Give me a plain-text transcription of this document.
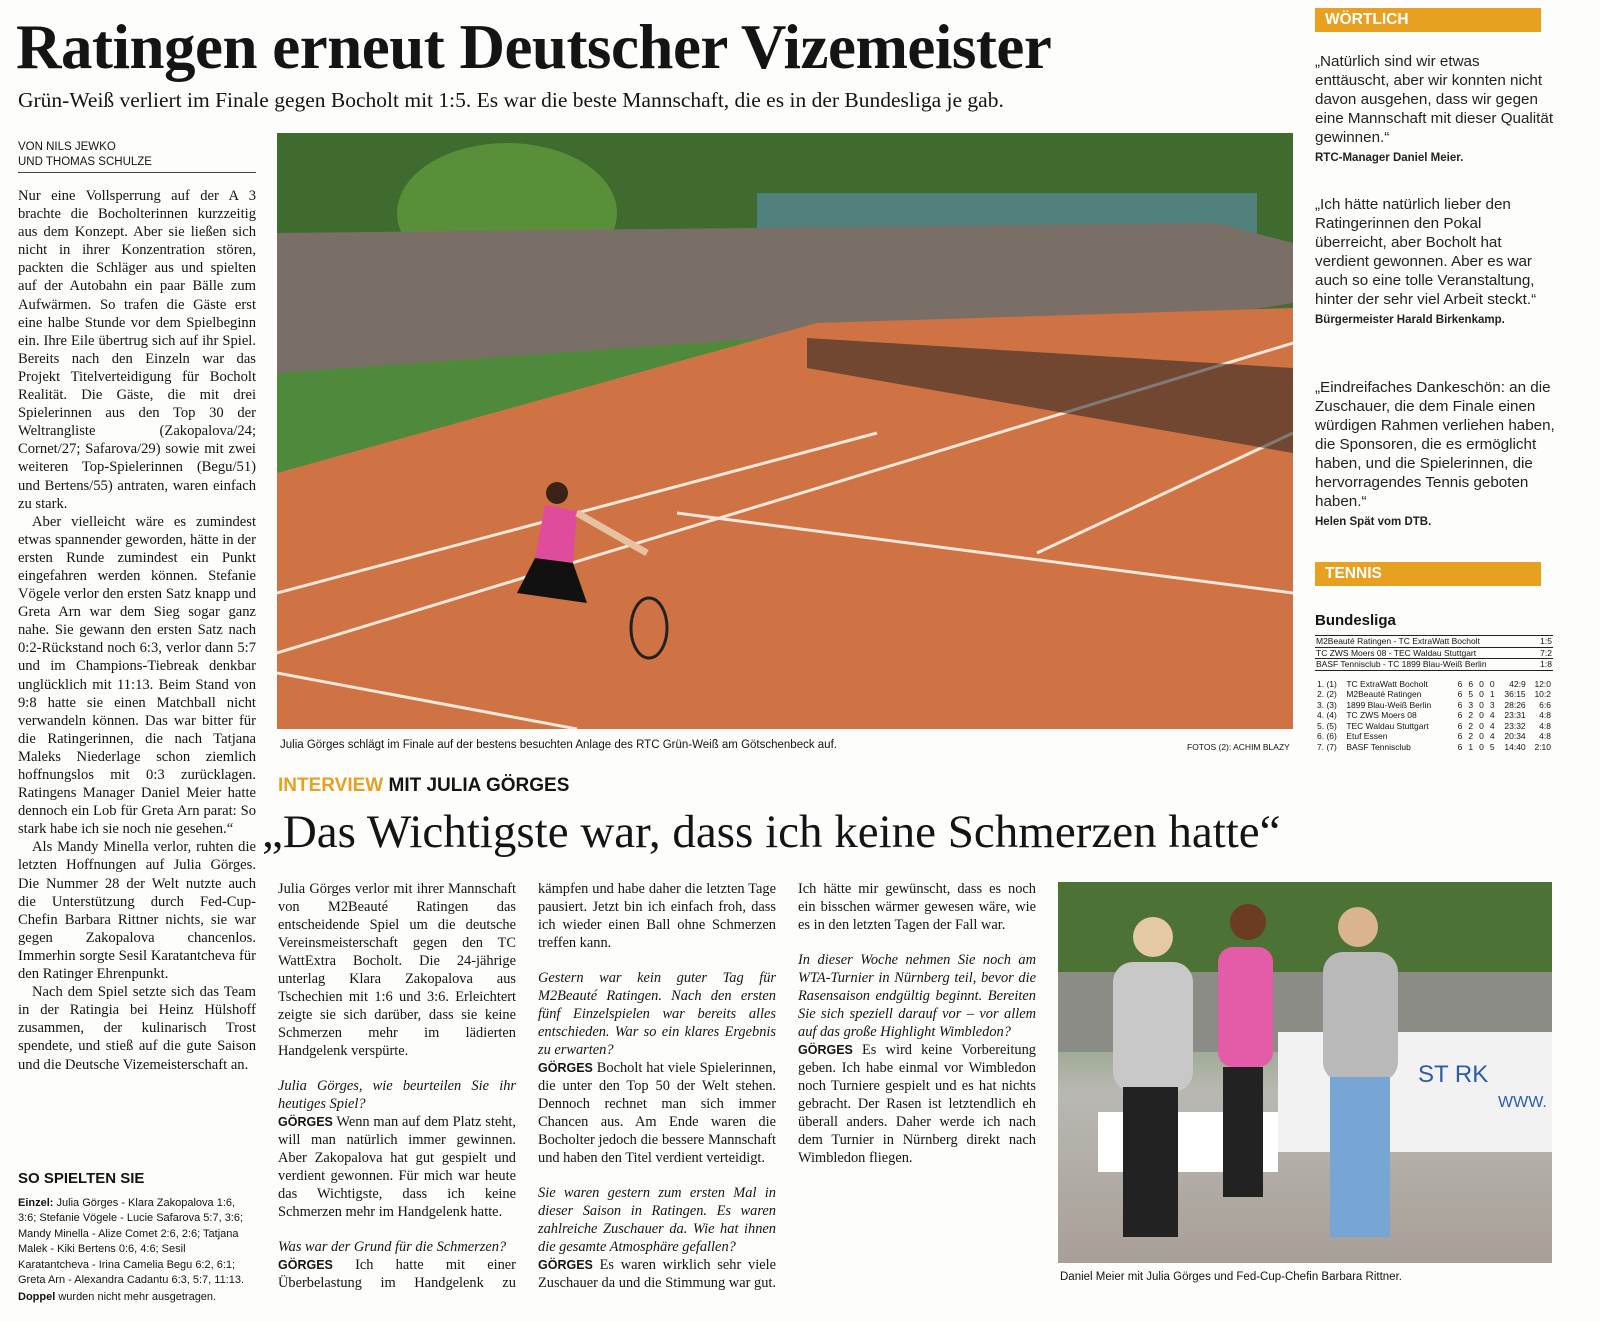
Ratingen erneut Deutscher Vizemeister
Grün-Weiß verliert im Finale gegen Bocholt mit 1:5. Es war die beste Mannschaft, die es in der Bundesliga je gab.
VON NILS JEWKO
UND THOMAS SCHULZE

Nur eine Vollsperrung auf der A 3 brachte die Bocholterinnen kurzzeitig aus dem Konzept. Aber sie ließen sich nicht in ihrer Konzentration stören, packten die Schläger aus und spielten auf der Autobahn ein paar Bälle zum Aufwärmen. So trafen die Gäste erst eine halbe Stunde vor dem Spielbeginn ein. Ihre Eile übertrug sich auf ihr Spiel. Bereits nach den Einzeln war das Projekt Titelverteidigung für Bocholt Realität. Die Gäste, die mit drei Spielerinnen aus den Top 30 der Weltrangliste (Zakopalova/24; Cornet/27; Safarova/29) sowie mit zwei weiteren Top-Spielerinnen (Begu/51) und Bertens/55) antraten, waren einfach zu stark.

Aber vielleicht wäre es zumindest etwas spannender geworden, hätte in der ersten Runde zumindest ein Punkt eingefahren werden können. Stefanie Vögele verlor den ersten Satz knapp und Greta Arn war dem Sieg sogar ganz nahe. Sie gewann den ersten Satz nach 0:2-Rückstand noch 6:3, verlor dann 5:7 und im Champions-Tiebreak denkbar unglücklich mit 11:13. Beim Stand von 9:8 hatte sie einen Matchball nicht verwandeln können. Das war bitter für die Ratingerinnen, die nach Tatjana Maleks Niederlage schon ziemlich hoffnungslos mit 0:3 zurücklagen. Ratingens Manager Daniel Meier hatte dennoch ein Lob für Greta Arn parat: So stark habe ich sie noch nie gesehen.“

Als Mandy Minella verlor, ruhten die letzten Hoffnungen auf Julia Görges. Die Nummer 28 der Welt nutzte auch die Unterstützung durch Fed-Cup-Chefin Barbara Rittner nichts, sie war gegen Zakopalova chancenlos. Immerhin sorgte Sesil Karatantcheva für den Ratinger Ehrenpunkt.

Nach dem Spiel setzte sich das Team in der Ratingia bei Heinz Hülshoff zusammen, der kulinarisch Trost spendete, und stieß auf die gute Saison und die Deutsche Vizemeisterschaft an.

SO SPIELTEN SIE
Einzel: Julia Görges - Klara Zakopalova 1:6, 3:6; Stefanie Vögele - Lucie Safarova 5:7, 3:6; Mandy Minella - Alize Comet 2:6, 2:6; Tatjana Malek - Kiki Bertens 0:6, 4:6; Sesil Karatantcheva - Irina Camelia Begu 6:2, 6:1; Greta Arn - Alexandra Cadantu 6:3, 5:7, 11:13.
Doppel wurden nicht mehr ausgetragen.
Julia Görges schlägt im Finale auf der bestens besuchten Anlage des RTC Grün-Weiß am Götschenbeck auf.	FOTOS (2): ACHIM BLAZY
INTERVIEW MIT JULIA GÖRGES
„Das Wichtigste war, dass ich keine Schmerzen hatte“

Julia Görges verlor mit ihrer Mannschaft von M2Beauté Ratingen das entscheidende Spiel um die deutsche Vereinsmeisterschaft gegen den TC WattExtra Bocholt. Die 24-jährige unterlag Klara Zakopalova aus Tschechien mit 1:6 und 3:6. Erleichtert zeigte sie sich darüber, dass sie keine Schmerzen mehr im lädierten Handgelenk verspürte.

Julia Görges, wie beurteilen Sie ihr heutiges Spiel?

GÖRGES Wenn man auf dem Platz steht, will man natürlich immer gewinnen. Aber Zakopalova hat gut gespielt und verdient gewonnen. Für mich war heute das Wichtigste, dass ich keine Schmerzen mehr im Handgelenk hatte.

Was war der Grund für die Schmerzen?

GÖRGES Ich hatte mit einer Überbelastung im Handgelenk zu kämpfen und habe daher die letzten Tage pausiert. Jetzt bin ich einfach froh, dass ich wieder einen Ball ohne Schmerzen treffen kann.

Gestern war kein guter Tag für M2Beauté Ratingen. Nach den ersten fünf Einzelspielen war bereits alles entschieden. War so ein klares Ergebnis zu erwarten?

GÖRGES Bocholt hat viele Spielerinnen, die unter den Top 50 der Welt stehen. Dennoch rechnet man sich immer Chancen aus. Am Ende waren die Bocholter jedoch die bessere Mannschaft und haben den Titel verdient verteidigt.

Sie waren gestern zum ersten Mal in dieser Saison in Ratingen. Es waren zahlreiche Zuschauer da. Wie hat ihnen die gesamte Atmosphäre gefallen?

GÖRGES Es waren wirklich sehr viele Zuschauer da und die Stimmung war gut. Ich hätte mir gewünscht, dass es noch ein bisschen wärmer gewesen wäre, wie es in den letzten Tagen der Fall war.

In dieser Woche nehmen Sie noch am WTA-Turnier in Nürnberg teil, bevor die Rasensaison endgültig beginnt. Bereiten Sie sich speziell darauf vor – vor allem auf das große Highlight Wimbledon?

GÖRGES Es wird keine Vorbereitung geben. Ich habe einmal vor Wimbledon noch Turniere gespielt und es hat nichts gebracht. Der Rasen ist letztendlich eh überall anders. Daher werde ich nach dem Turnier in Nürnberg direkt nach Wimbledon fliegen.

ST RK
WWW.
Daniel Meier mit Julia Görges und Fed-Cup-Chefin Barbara Rittner.
WÖRTLICH
„Natürlich sind wir etwas enttäuscht, aber wir konnten nicht davon ausgehen, dass wir gegen eine Mannschaft mit dieser Qualität gewinnen.“
RTC-Manager Daniel Meier.
„Ich hätte natürlich lieber den Ratingerinnen den Pokal überreicht, aber Bocholt hat verdient gewonnen. Aber es war auch so eine tolle Veranstaltung, hinter der sehr viel Arbeit steckt.“
Bürgermeister Harald Birkenkamp.
„Eindreifaches Dankeschön: an die Zuschauer, die dem Finale einen würdigen Rahmen verliehen haben, die Sponsoren, die es ermöglicht haben, und die Spielerinnen, die hervorragendes Tennis geboten haben.“
Helen Spät vom DTB.
TENNIS
Bundesliga
M2Beauté Ratingen - TC ExtraWatt Bocholt	1:5
TC ZWS Moers 08 - TEC Waldau Stuttgart	7:2
BASF Tennisclub - TC 1899 Blau-Weiß Berlin	1:8
1. (1)	TC ExtraWatt Bocholt	6	6	0	0	42:9	12:0
2. (2)	M2Beauté Ratingen	6	5	0	1	36:15	10:2
3. (3)	1899 Blau-Weiß Berlin	6	3	0	3	28:26	6:6
4. (4)	TC ZWS Moers 08	6	2	0	4	23:31	4:8
5. (5)	TEC Waldau Stuttgart	6	2	0	4	23:32	4:8
6. (6)	Etuf Essen	6	2	0	4	20:34	4:8
7. (7)	BASF Tennisclub	6	1	0	5	14:40	2:10
